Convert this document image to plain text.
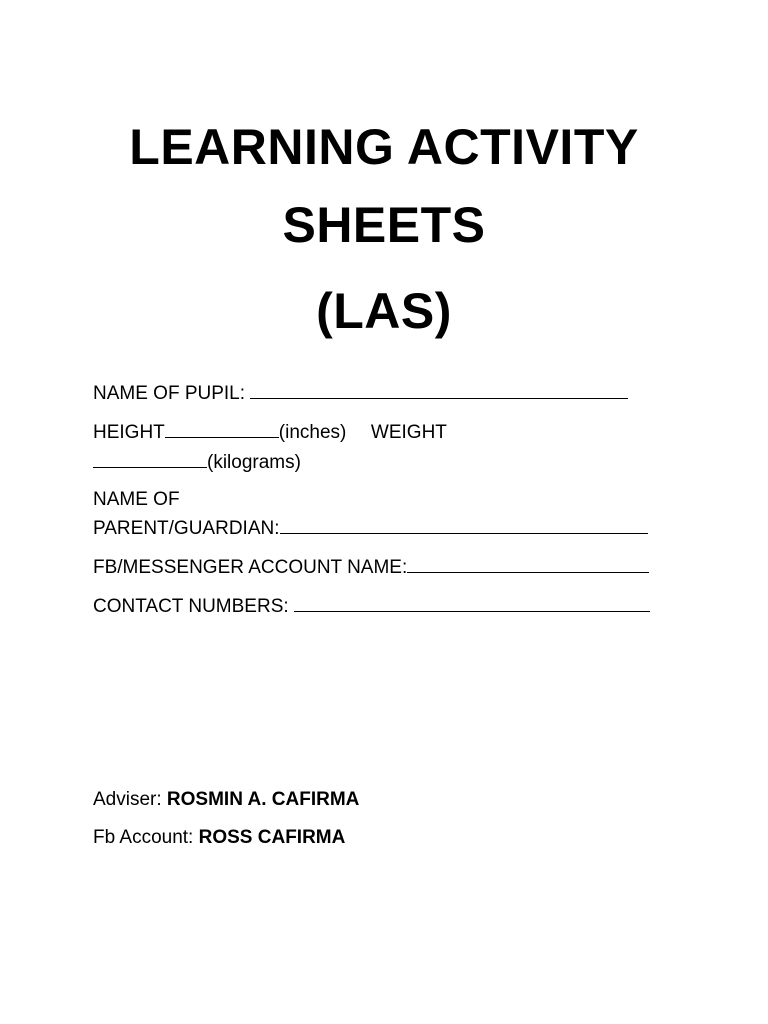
LEARNING ACTIVITY
SHEETS
(LAS)
NAME OF PUPIL:
HEIGHT	(inches) WEIGHT
(kilograms)
NAME OF
PARENT/GUARDIAN:
FB/MESSENGER ACCOUNT NAME:
CONTACT NUMBERS:
Adviser: ROSMIN A. CAFIRMA
Fb Account: ROSS CAFIRMA
